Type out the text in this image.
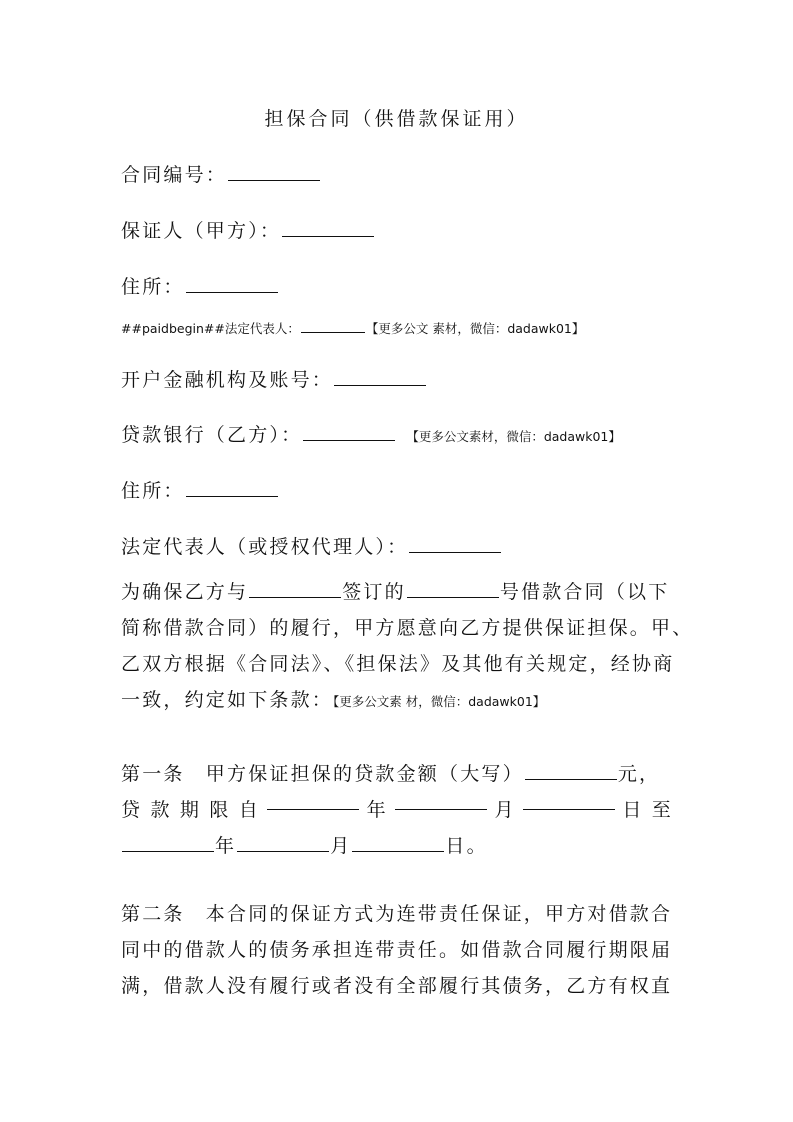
担保合同（供借款保证用）
合同编号：
保证人（甲方）：
住所：
##paidbegin##法定代表人：	【更多公文 素材，微信：dadawk01】
开户金融机构及账号：
贷款银行（乙方）：	【更多公文素材，微信：dadawk01】
住所：
法定代表人（或授权代理人）：
为确保乙方与	签订的	号借款合同（以下
简称借款合同）的履行，甲方愿意向乙方提供保证担保。甲、
乙双方根据《合同法》、《担保法》及其他有关规定，经协商
一致，约定如下条款：【更多公文素 材，微信：dadawk01】
第一条　甲方保证担保的贷款金额（大写）	元，
贷 款 期 限 自	年	月	日 至
年	月	日。
第二条　本合同的保证方式为连带责任保证，甲方对借款合
同中的借款人的债务承担连带责任。如借款合同履行期限届
满，借款人没有履行或者没有全部履行其债务，乙方有权直
